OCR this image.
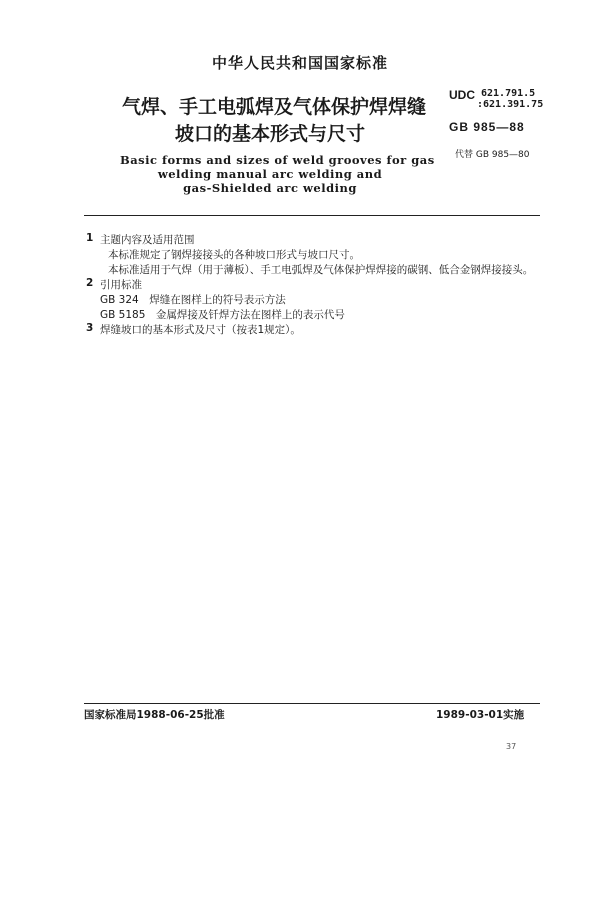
中华人民共和国国家标准
气焊、手工电弧焊及气体保护焊焊缝
坡口的基本形式与尺寸
UDC 621.791.5
:621.391.75
GB 985—88
代替 GB 985—80
Basic forms and sizes of weld grooves for gas
welding manual arc welding and
gas-Shielded arc welding
1 主题内容及适用范围
本标准规定了钢焊接接头的各种坡口形式与坡口尺寸。
本标准适用于气焊（用于薄板）、手工电弧焊及气体保护焊焊接的碳钢、低合金钢焊接接头。
2 引用标准
GB 324　焊缝在图样上的符号表示方法
GB 5185　金属焊接及钎焊方法在图样上的表示代号
3 焊缝坡口的基本形式及尺寸（按表1规定）。
国家标准局1988-06-25批准	1989-03-01实施
37
